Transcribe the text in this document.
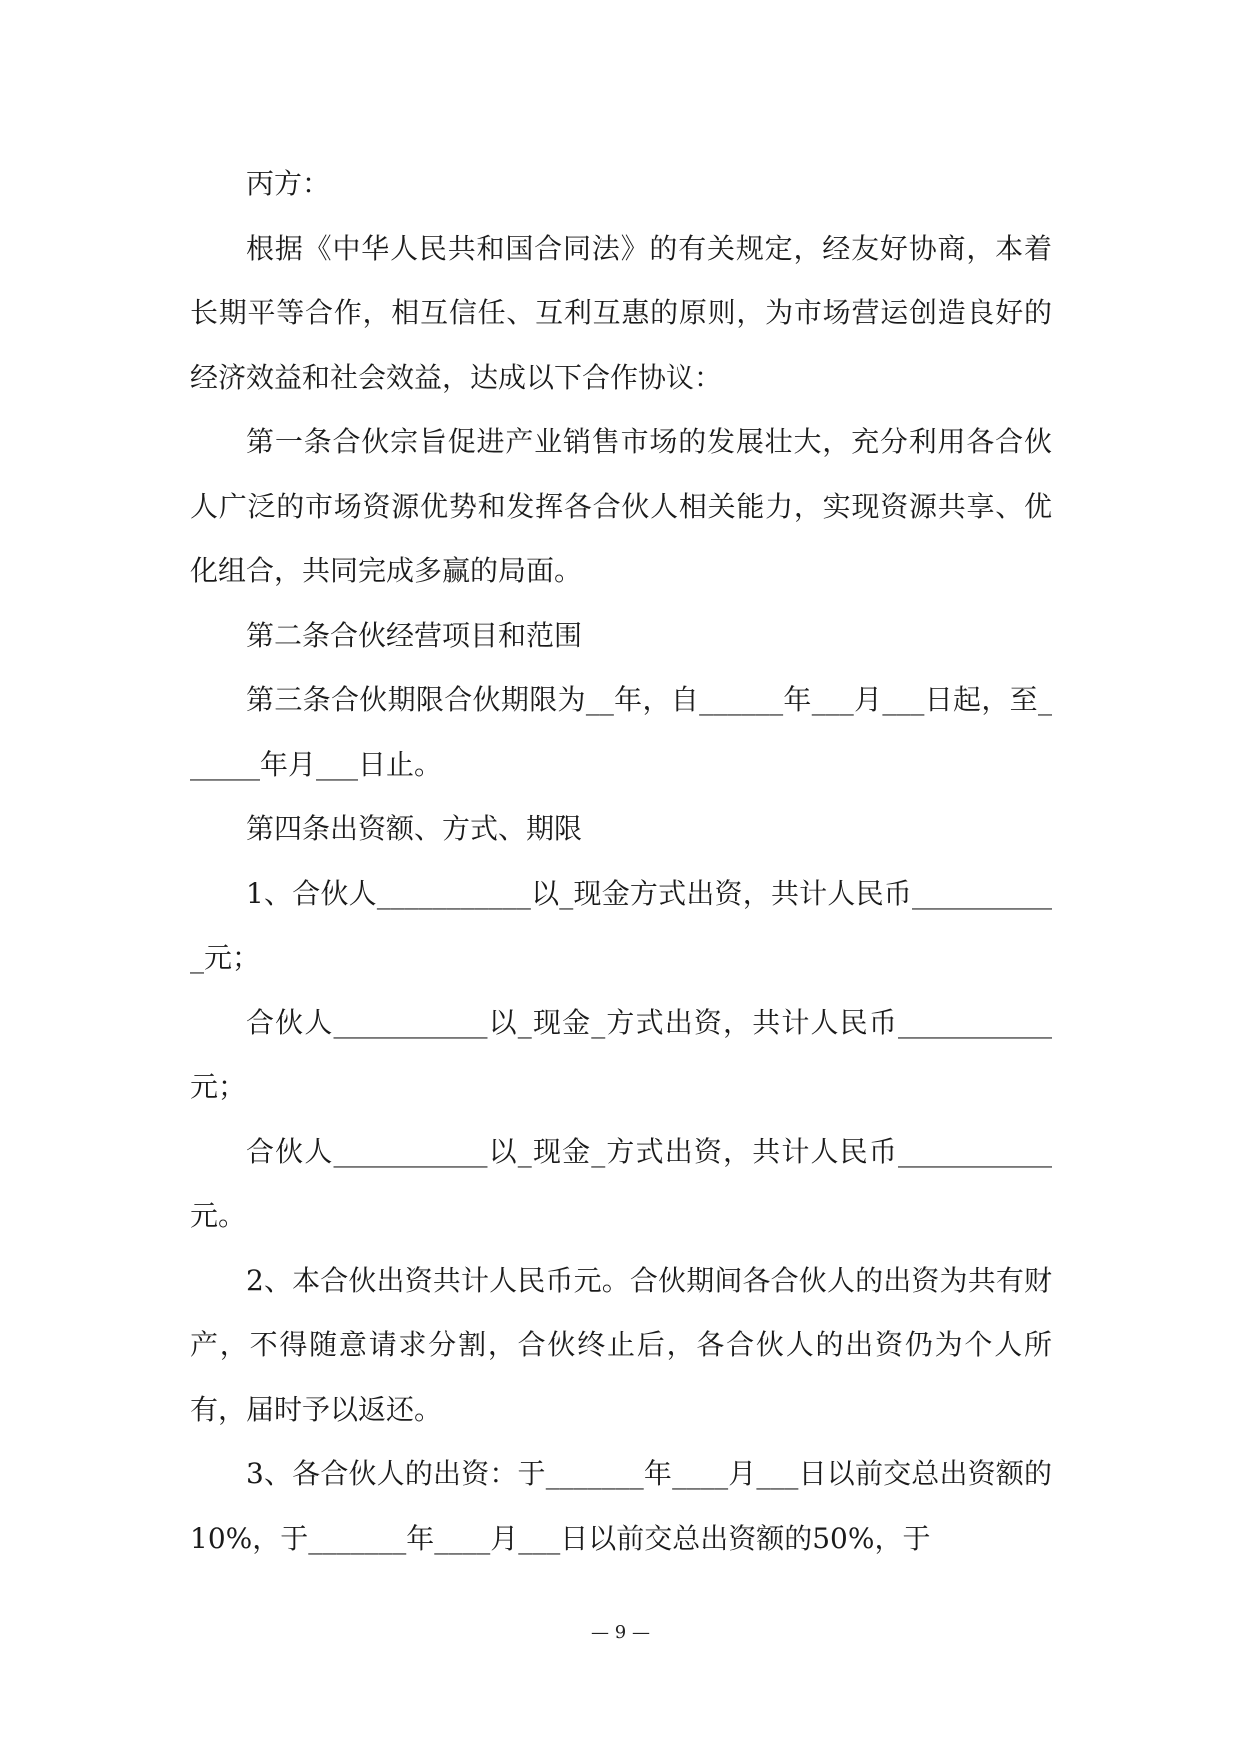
丙方：

根据《中华人民共和国合同法》的有关规定，经友好协商，本着长期平等合作，相互信任、互利互惠的原则，为市场营运创造良好的经济效益和社会效益，达成以下合作协议：

第一条合伙宗旨促进产业销售市场的发展壮大，充分利用各合伙人广泛的市场资源优势和发挥各合伙人相关能力，实现资源共享、优化组合，共同完成多赢的局面。

第二条合伙经营项目和范围

第三条合伙期限合伙期限为__年，自______年___月___日起，至______年月___日止。

第四条出资额、方式、期限

1、合伙人___________以_现金方式出资，共计人民币___________元；

合伙人___________以_现金_方式出资，共计人民币___________元；

合伙人___________以_现金_方式出资，共计人民币___________元。

2、本合伙出资共计人民币元。合伙期间各合伙人的出资为共有财产，不得随意请求分割，合伙终止后，各合伙人的出资仍为个人所有，届时予以返还。

3、各合伙人的出资：于_______年____月___日以前交总出资额的10%，于_______年____月___日以前交总出资额的50%，于

— 9 —
